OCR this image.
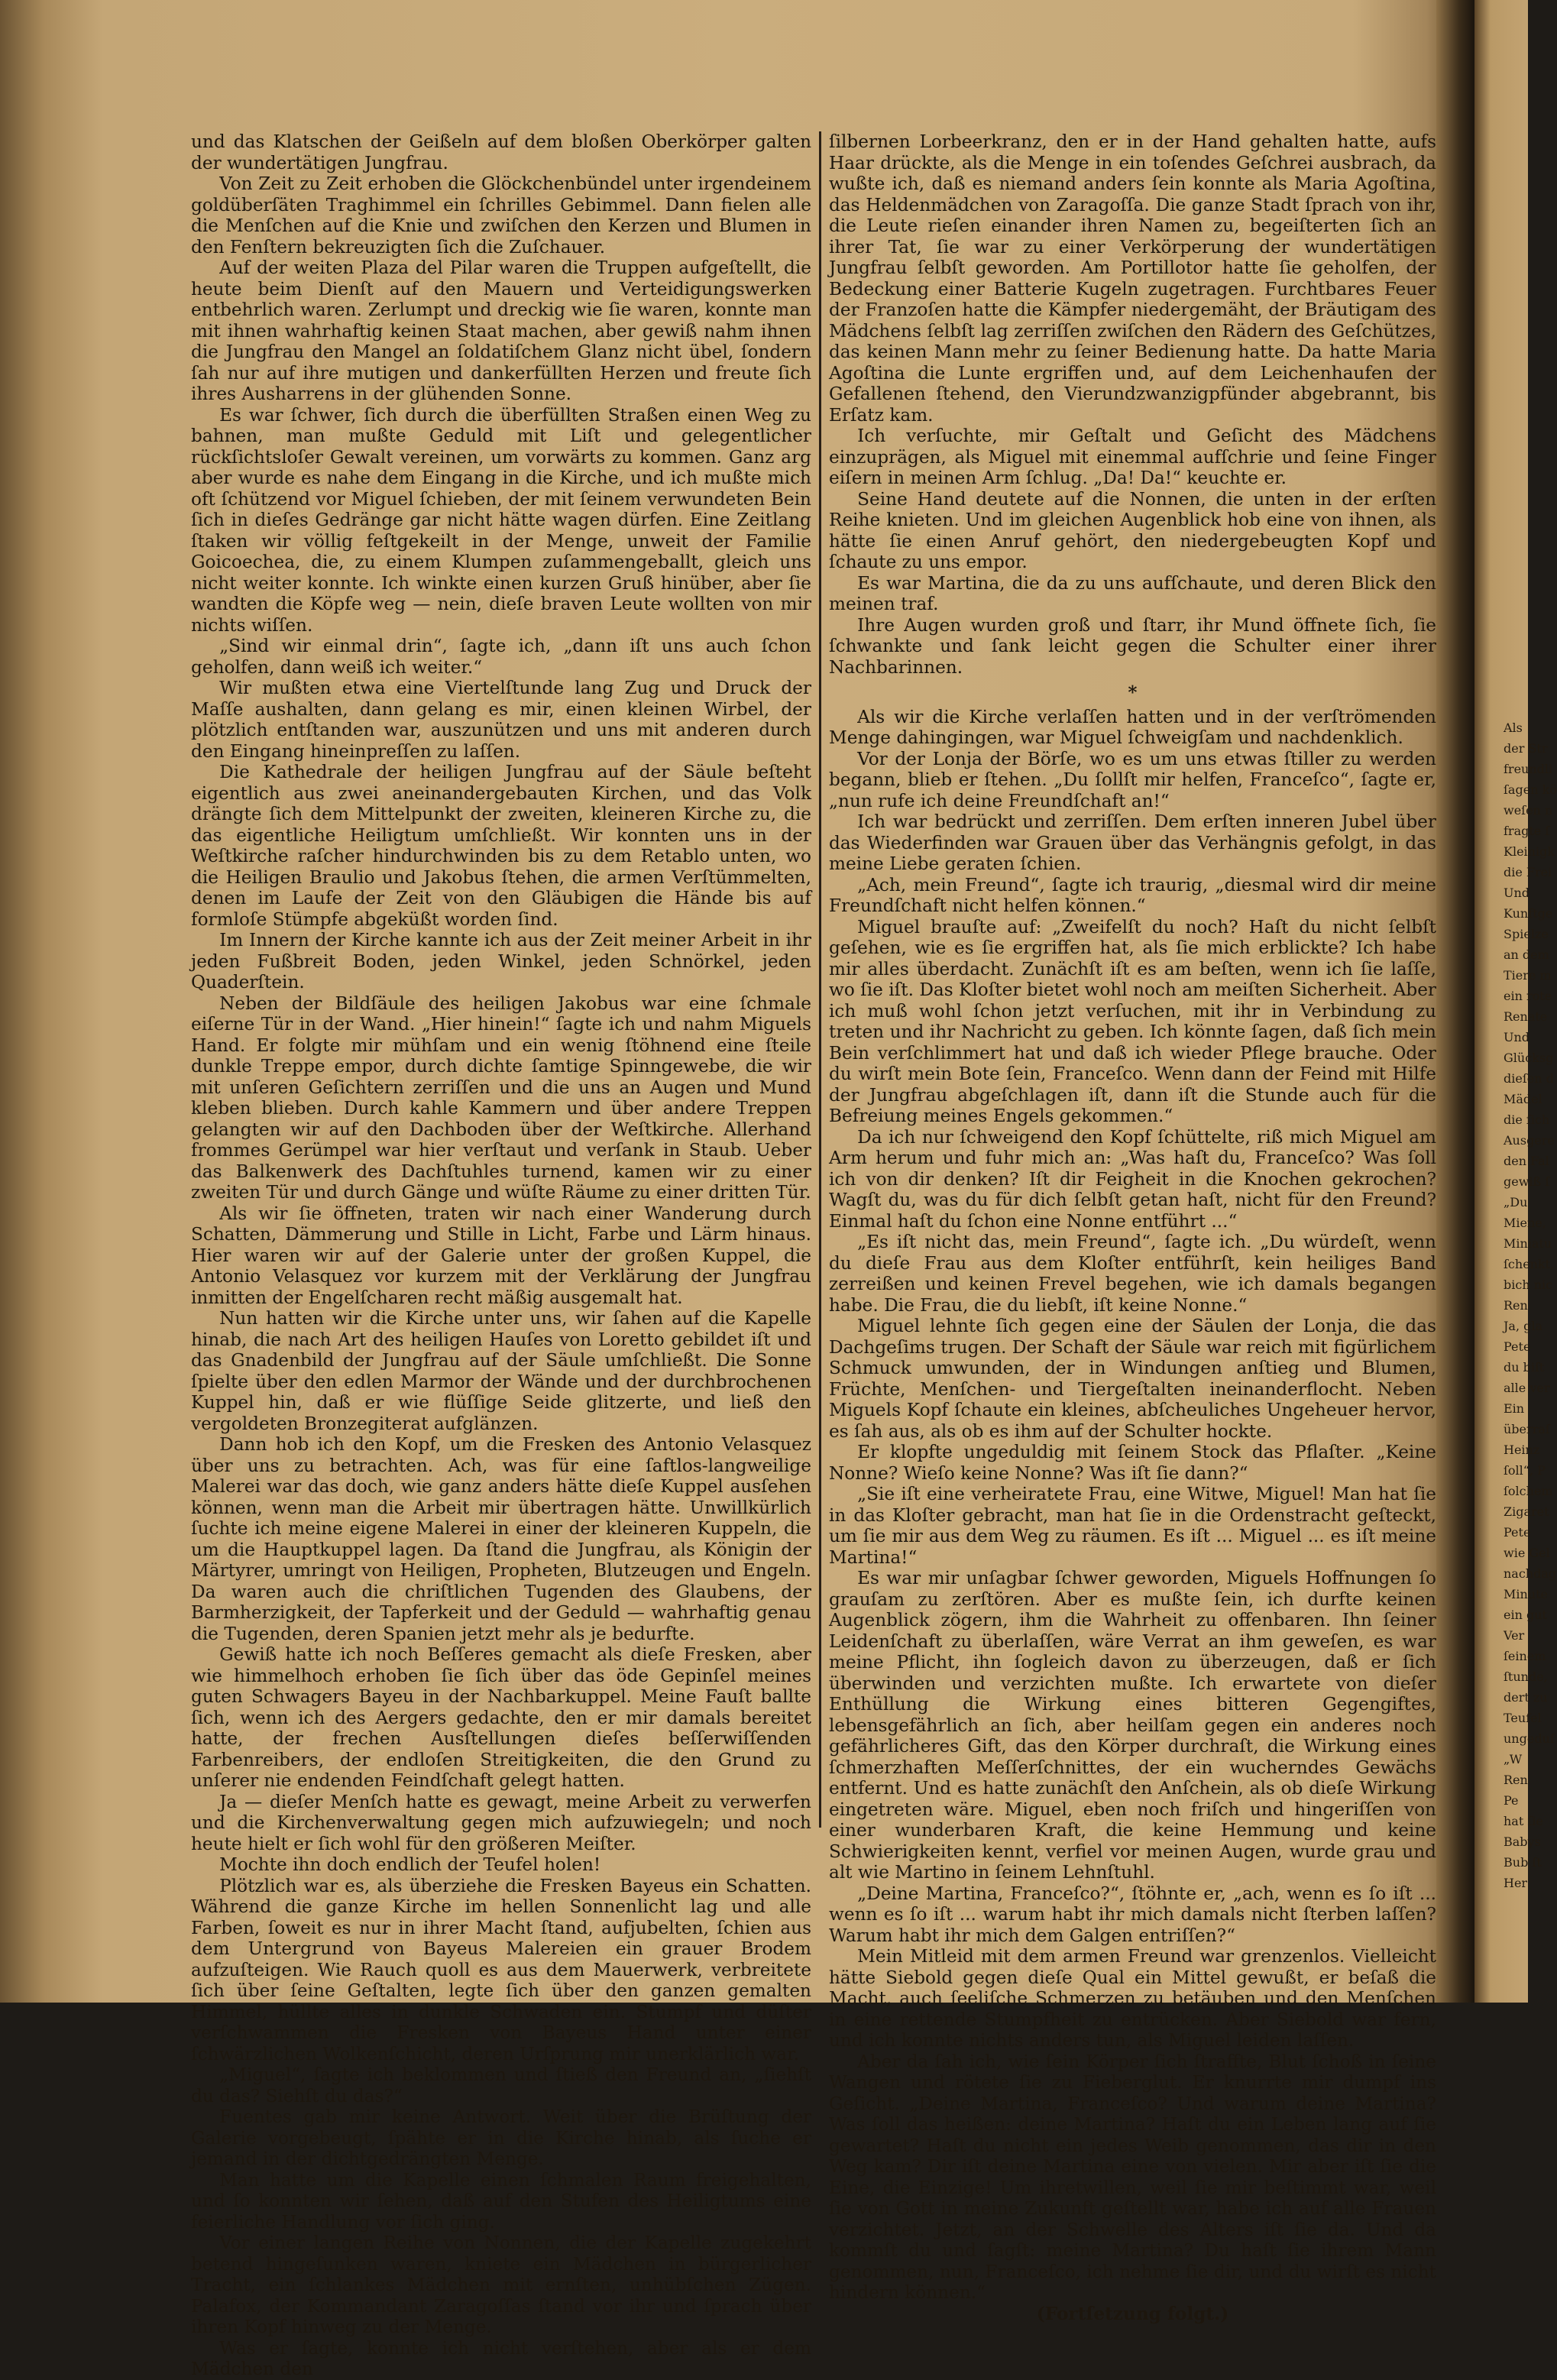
und das Klatschen der Geißeln auf dem bloßen Oberkörper galten der wundertätigen Jungfrau.

Von Zeit zu Zeit erhoben die Glöckchenbündel unter irgendeinem goldüberſäten Traghimmel ein ſchrilles Gebimmel. Dann fielen alle die Menſchen auf die Knie und zwiſchen den Kerzen und Blumen in den Fenſtern bekreuzigten ſich die Zuſchauer.

Auf der weiten Plaza del Pilar waren die Truppen aufgeſtellt, die heute beim Dienſt auf den Mauern und Verteidigungswerken entbehrlich waren. Zerlumpt und dreckig wie ſie waren, konnte man mit ihnen wahrhaftig keinen Staat machen, aber gewiß nahm ihnen die Jungfrau den Mangel an ſoldatiſchem Glanz nicht übel, ſondern ſah nur auf ihre mutigen und dankerfüllten Herzen und freute ſich ihres Ausharrens in der glühenden Sonne.

Es war ſchwer, ſich durch die überfüllten Straßen einen Weg zu bahnen, man mußte Geduld mit Liſt und gelegentlicher rückſichtsloſer Gewalt vereinen, um vorwärts zu kommen. Ganz arg aber wurde es nahe dem Eingang in die Kirche, und ich mußte mich oft ſchützend vor Miguel ſchieben, der mit ſeinem verwundeten Bein ſich in dieſes Gedränge gar nicht hätte wagen dürfen. Eine Zeitlang ſtaken wir völlig feſtgekeilt in der Menge, unweit der Familie Goicoechea, die, zu einem Klumpen zuſammengeballt, gleich uns nicht weiter konnte. Ich winkte einen kurzen Gruß hinüber, aber ſie wandten die Köpfe weg — nein, dieſe braven Leute wollten von mir nichts wiſſen.

„Sind wir einmal drin“, ſagte ich, „dann iſt uns auch ſchon geholfen, dann weiß ich weiter.“

Wir mußten etwa eine Viertelſtunde lang Zug und Druck der Maſſe aushalten, dann gelang es mir, einen kleinen Wirbel, der plötzlich entſtanden war, auszunützen und uns mit anderen durch den Eingang hineinpreſſen zu laſſen.

Die Kathedrale der heiligen Jungfrau auf der Säule beſteht eigentlich aus zwei aneinandergebauten Kirchen, und das Volk drängte ſich dem Mittelpunkt der zweiten, kleineren Kirche zu, die das eigentliche Heiligtum umſchließt. Wir konnten uns in der Weſtkirche raſcher hindurchwinden bis zu dem Retablo unten, wo die Heiligen Braulio und Jakobus ſtehen, die armen Verſtümmelten, denen im Laufe der Zeit von den Gläubigen die Hände bis auf formloſe Stümpfe abgeküßt worden ſind.

Im Innern der Kirche kannte ich aus der Zeit meiner Arbeit in ihr jeden Fußbreit Boden, jeden Winkel, jeden Schnörkel, jeden Quaderſtein.

Neben der Bildſäule des heiligen Jakobus war eine ſchmale eiſerne Tür in der Wand. „Hier hinein!“ ſagte ich und nahm Miguels Hand. Er folgte mir mühſam und ein wenig ſtöhnend eine ſteile dunkle Treppe empor, durch dichte ſamtige Spinngewebe, die wir mit unſeren Geſichtern zerriſſen und die uns an Augen und Mund kleben blieben. Durch kahle Kammern und über andere Treppen gelangten wir auf den Dachboden über der Weſtkirche. Allerhand frommes Gerümpel war hier verſtaut und verſank in Staub. Ueber das Balkenwerk des Dachſtuhles turnend, kamen wir zu einer zweiten Tür und durch Gänge und wüſte Räume zu einer dritten Tür.

Als wir ſie öffneten, traten wir nach einer Wanderung durch Schatten, Dämmerung und Stille in Licht, Farbe und Lärm hinaus. Hier waren wir auf der Galerie unter der großen Kuppel, die Antonio Velasquez vor kurzem mit der Verklärung der Jungfrau inmitten der Engelſcharen recht mäßig ausgemalt hat.

Nun hatten wir die Kirche unter uns, wir ſahen auf die Kapelle hinab, die nach Art des heiligen Hauſes von Loretto gebildet iſt und das Gnadenbild der Jungfrau auf der Säule umſchließt. Die Sonne ſpielte über den edlen Marmor der Wände und der durchbrochenen Kuppel hin, daß er wie flüſſige Seide glitzerte, und ließ den vergoldeten Bronzegiterat aufglänzen.

Dann hob ich den Kopf, um die Fresken des Antonio Velasquez über uns zu betrachten. Ach, was für eine ſaftlos-langweilige Malerei war das doch, wie ganz anders hätte dieſe Kuppel ausſehen können, wenn man die Arbeit mir übertragen hätte. Unwillkürlich ſuchte ich meine eigene Malerei in einer der kleineren Kuppeln, die um die Hauptkuppel lagen. Da ſtand die Jungfrau, als Königin der Märtyrer, umringt von Heiligen, Propheten, Blutzeugen und Engeln. Da waren auch die chriſtlichen Tugenden des Glaubens, der Barmherzigkeit, der Tapferkeit und der Geduld — wahrhaftig genau die Tugenden, deren Spanien jetzt mehr als je bedurfte.

Gewiß hatte ich noch Beſſeres gemacht als dieſe Fresken, aber wie himmelhoch erhoben ſie ſich über das öde Gepinſel meines guten Schwagers Bayeu in der Nachbarkuppel. Meine Fauſt ballte ſich, wenn ich des Aergers gedachte, den er mir damals bereitet hatte, der frechen Ausſtellungen dieſes beſſerwiſſenden Farbenreibers, der endloſen Streitigkeiten, die den Grund zu unſerer nie endenden Feindſchaft gelegt hatten.

Ja — dieſer Menſch hatte es gewagt, meine Arbeit zu verwerfen und die Kirchenverwaltung gegen mich aufzuwiegeln; und noch heute hielt er ſich wohl für den größeren Meiſter.

Mochte ihn doch endlich der Teufel holen!

Plötzlich war es, als überzieh͏e die Fresken Bayeus ein Schatten. Während die ganze Kirche im hellen Sonnenlicht lag und alle Farben, ſoweit es nur in ihrer Macht ſtand, aufjubelten, ſchien aus dem Untergrund von Bayeus Malereien ein grauer Brodem aufzuſteigen. Wie Rauch quoll es aus dem Mauerwerk, verbreitete ſich über ſeine Geſtalten, legte ſich über den ganzen gemalten Himmel, hüllte alles in dunkle Schwaden ein. Stumpf und düſter verſchwammen die Fresken von Bayeus Hand unter einer ſchwärzlichen Wolkenſchicht, deren Urſprung mir unerklärlich war.

„Miguel“, ſagte ich beklommen und ſtieß den Freund an, „ſiehſt du das? Siehſt du das?“

Fuentes gab mir keine Antwort. Weit über die Brüſtung der Galerie vorgebeugt, ſpähte er in die Kirche hinab, als ſuche er jemand in der dichtgedrängten Menge.

Man hatte um die Kapelle einen ſchmalen Raum freigehalten, und ſo konnten wir ſehen, daß auf den Stufen des Heiligtums eine feierliche Handlung vor ſich ging.

Vor einer langen Reihe von Nonnen, die der Kapelle zugekehrt betend hingeſunken waren, kniete ein Mädchen in bürgerlicher Tracht, ein ſchlankes Mädchen mit ernſten, unhübſchen Zügen. Palafox, der Kommandant Zaragoſſas ſtand vor ihr und ſprach über ihren Kopf hinweg zu der Menge.

Was er ſagte, konnte ich nicht verſtehen, aber als er dem Mädchen den

ſilbernen Lorbeerkranz, den er in der Hand gehalten hatte, aufs Haar drückte, als die Menge in ein toſendes Geſchrei ausbrach, da wußte ich, daß es niemand anders ſein konnte als Maria Agoſtina, das Heldenmädchen von Zaragoſſa. Die ganze Stadt ſprach von ihr, die Leute rieſen einander ihren Namen zu, begeiſterten ſich an ihrer Tat, ſie war zu einer Verkörperung der wundertätigen Jungfrau ſelbſt geworden. Am Portillotor hatte ſie geholfen, der Bedeckung einer Batterie Kugeln zugetragen. Furchtbares Feuer der Franzoſen hatte die Kämpfer niedergemäht, der Bräutigam des Mädchens ſelbſt lag zerriſſen zwiſchen den Rädern des Geſchützes, das keinen Mann mehr zu ſeiner Bedienung hatte. Da hatte Maria Agoſtina die Lunte ergriffen und, auf dem Leichenhaufen der Gefallenen ſtehend, den Vierundzwanzigpfünder abgebrannt, bis Erſatz kam.

Ich verſuchte, mir Geſtalt und Geſicht des Mädchens einzuprägen, als Miguel mit einemmal aufſchrie und ſeine Finger eiſern in meinen Arm ſchlug. „Da! Da!“ keuchte er.

Seine Hand deutete auf die Nonnen, die unten in der erſten Reihe knieten. Und im gleichen Augenblick hob eine von ihnen, als hätte ſie einen Anruf gehört, den niedergebeugten Kopf und ſchaute zu uns empor.

Es war Martina, die da zu uns aufſchaute, und deren Blick den meinen traf.

Ihre Augen wurden groß und ſtarr, ihr Mund öffnete ſich, ſie ſchwankte und ſank leicht gegen die Schulter einer ihrer Nachbarinnen.

*

Als wir die Kirche verlaſſen hatten und in der verſtrömenden Menge dahingingen, war Miguel ſchweigſam und nachdenklich.

Vor der Lonja der Börſe, wo es um uns etwas ſtiller zu werden begann, blieb er ſtehen. „Du ſollſt mir helfen, Franceſco“, ſagte er, „nun rufe ich deine Freundſchaft an!“

Ich war bedrückt und zerriſſen. Dem erſten inneren Jubel über das Wiederfinden war Grauen über das Verhängnis gefolgt, in das meine Liebe geraten ſchien.

„Ach, mein Freund“, ſagte ich traurig, „diesmal wird dir meine Freundſchaft nicht helfen können.“

Miguel brauſte auf: „Zweifelſt du noch? Haſt du nicht ſelbſt geſehen, wie es ſie ergriffen hat, als ſie mich erblickte? Ich habe mir alles überdacht. Zunächſt iſt es am beſten, wenn ich ſie laſſe, wo ſie iſt. Das Kloſter bietet wohl noch am meiſten Sicherheit. Aber ich muß wohl ſchon jetzt verſuchen, mit ihr in Verbindung zu treten und ihr Nachricht zu geben. Ich könnte ſagen, daß ſich mein Bein verſchlimmert hat und daß ich wieder Pflege brauche. Oder du wirſt mein Bote ſein, Franceſco. Wenn dann der Feind mit Hilfe der Jungfrau abgeſchlagen iſt, dann iſt die Stunde auch für die Befreiung meines Engels gekommen.“

Da ich nur ſchweigend den Kopf ſchüttelte, riß mich Miguel am Arm herum und fuhr mich an: „Was haſt du, Franceſco? Was ſoll ich von dir denken? Iſt dir Feigheit in die Knochen gekrochen? Wagſt du, was du für dich ſelbſt getan haſt, nicht für den Freund? Einmal haſt du ſchon eine Nonne entführt ...“

„Es iſt nicht das, mein Freund“, ſagte ich. „Du würdeſt, wenn du dieſe Frau aus dem Kloſter entführſt, kein heiliges Band zerreißen und keinen Frevel begehen, wie ich damals begangen habe. Die Frau, die du liebſt, iſt keine Nonne.“

Miguel lehnte ſich gegen eine der Säulen der Lonja, die das Dachgeſims trugen. Der Schaft der Säule war reich mit figürlichem Schmuck umwunden, der in Windungen anſtieg und Blumen, Früchte, Menſchen- und Tiergeſtalten ineinanderflocht. Neben Miguels Kopf ſchaute ein kleines, abſcheuliches Ungeheuer hervor, es ſah aus, als ob es ihm auf der Schulter hockte.

Er klopfte ungeduldig mit ſeinem Stock das Pflaſter. „Keine Nonne? Wieſo keine Nonne? Was iſt ſie dann?“

„Sie iſt eine verheiratete Frau, eine Witwe, Miguel! Man hat ſie in das Kloſter gebracht, man hat ſie in die Ordenstracht geſteckt, um ſie mir aus dem Weg zu räumen. Es iſt ... Miguel ... es iſt meine Martina!“

Es war mir unſagbar ſchwer geworden, Miguels Hoffnungen ſo grauſam zu zerſtören. Aber es mußte ſein, ich durfte keinen Augenblick zögern, ihm die Wahrheit zu offenbaren. Ihn ſeiner Leidenſchaft zu überlaſſen, wäre Verrat an ihm geweſen, es war meine Pflicht, ihn ſogleich davon zu überzeugen, daß er ſich überwinden und verzichten mußte. Ich erwartete von dieſer Enthüllung die Wirkung eines bitteren Gegengiftes, lebensgefährlich an ſich, aber heilſam gegen ein anderes noch gefährlicheres Gift, das den Körper durchraſt, die Wirkung eines ſchmerzhaften Meſſerſchnittes, der ein wucherndes Gewächs entfernt. Und es hatte zunächſt den Anſchein, als ob dieſe Wirkung eingetreten wäre. Miguel, eben noch friſch und hingeriſſen von einer wunderbaren Kraft, die keine Hemmung und keine Schwierigkeiten kennt, verfiel vor meinen Augen, wurde grau und alt wie Martino in ſeinem Lehnſtuhl.

„Deine Martina, Franceſco?“, ſtöhnte er, „ach, wenn es ſo iſt ... wenn es ſo iſt ... warum habt ihr mich damals nicht ſterben laſſen? Warum habt ihr mich dem Galgen entriſſen?“

Mein Mitleid mit dem armen Freund war grenzenlos. Vielleicht hätte Siebold gegen dieſe Qual ein Mittel gewußt, er beſaß die Macht, auch ſeeliſche Schmerzen zu betäuben und den Menſchen in eine rettende Stumpfheit zu entrücken. Aber Siebold war fern, und ich konnte nichts anders tun, als Miguel leiden laſſen.

Aber da ſah ich, wie ſein Körper ſich ſtraffte, Blut ſchoß in ſeine Wangen und rötete ſie zu Fieberglut. Er knurrte mir dumpf ins Geſicht. „Deine Martina, Franceſco? Und warum deine Martina? Was ſoll das heißen: deine Martina? Haſt du ein Leben lang auf ſie gewartet? Haſt du nicht ein jedes Weib genommen, das dir in den Weg kam? Dir iſt deine Martina eine von vielen. Mir aber iſt ſie die Eine, die Einzige! Um ihretwillen, weil ſie mir beſtimmt war, weil ſie von Gott in meine Zukunft geſtellt war, habe ich auf alle Frauen verzichtet. Jetzt, an der Schwelle des Alters iſt ſie da. Und da kommſt du und ſagſt: meine Martina? Du haſt ſie ihrem Mann genommen, nun, Franceſco, ich nehme ſie dir, und du wirſt es nicht hindern können.“

(Fortſetzung folgt.)

Als
der Str
freundli
ſagen kö
weſen n
fragte ſ
Kleinigk
die Frei
Und
Kunftge
Spielze
an dem
Tiere m
ein rote
Renate
Und
Glücksg
dieſen d
Mädel
die ſich
Ausgere
den Fal
gewiß ſ
„Du
Miene,
Miniatu
ſchenkt,
bich nic
Ren
Ja, gla
Pete
du biſt
alle ver
Ein
überraſ
Heinz
ſoll“, P
ſolchem
Zigaret
Pete
wie Gel
nachdag
Minute
ein gut
Ver
ſeinem
ſtunde,
dert zu
Teufel
ungeduf
„W
Ren
Pe
hat ſie
Babys
Bub ſt
Her
